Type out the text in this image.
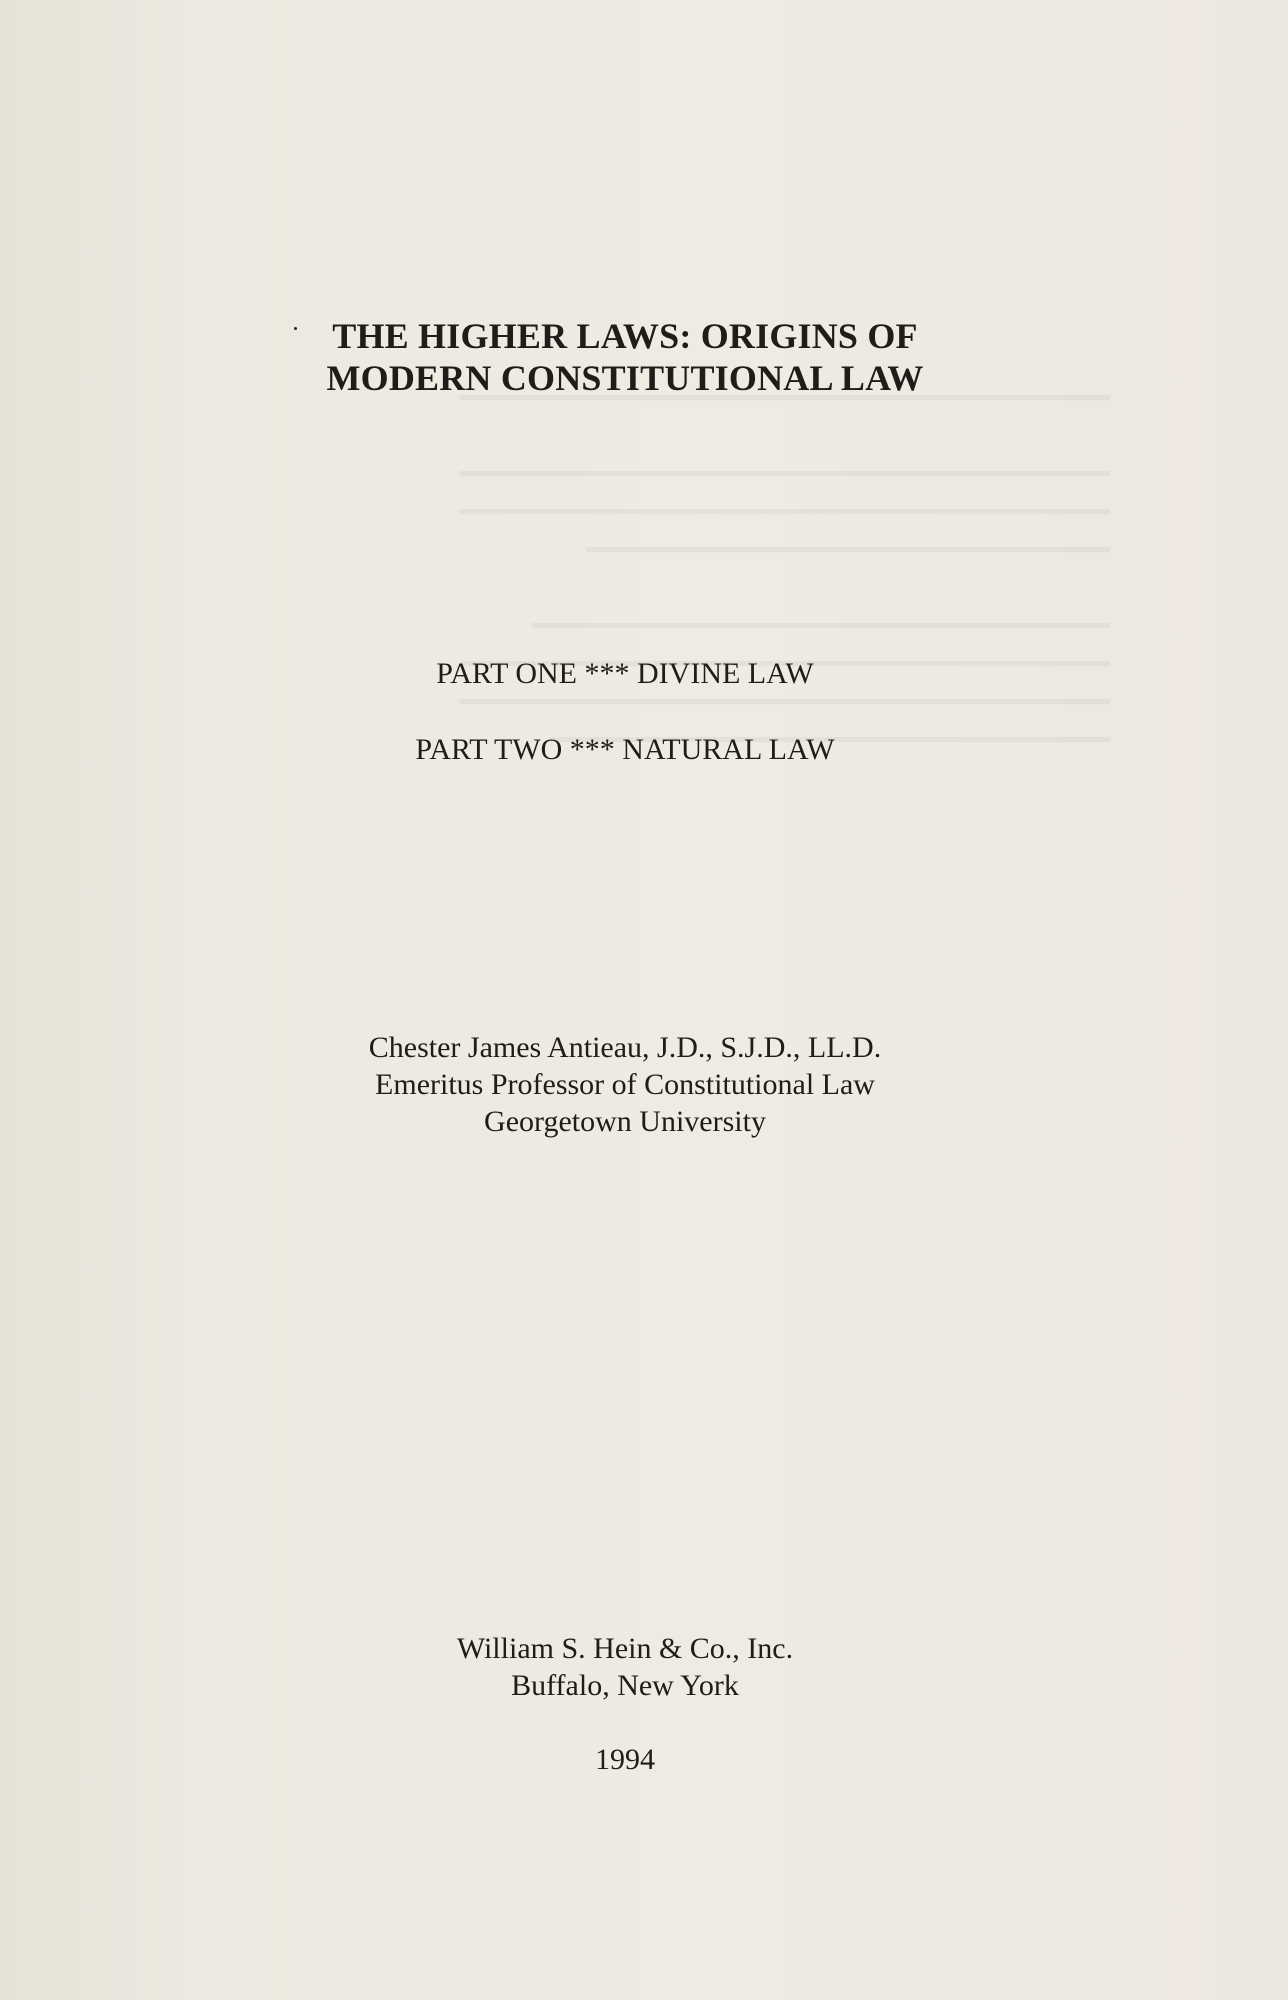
THE HIGHER LAWS: ORIGINS OF
MODERN CONSTITUTIONAL LAW
PART ONE *** DIVINE LAW
PART TWO *** NATURAL LAW
Chester James Antieau, J.D., S.J.D., LL.D.
Emeritus Professor of Constitutional Law
Georgetown University
William S. Hein & Co., Inc.
Buffalo, New York
1994
